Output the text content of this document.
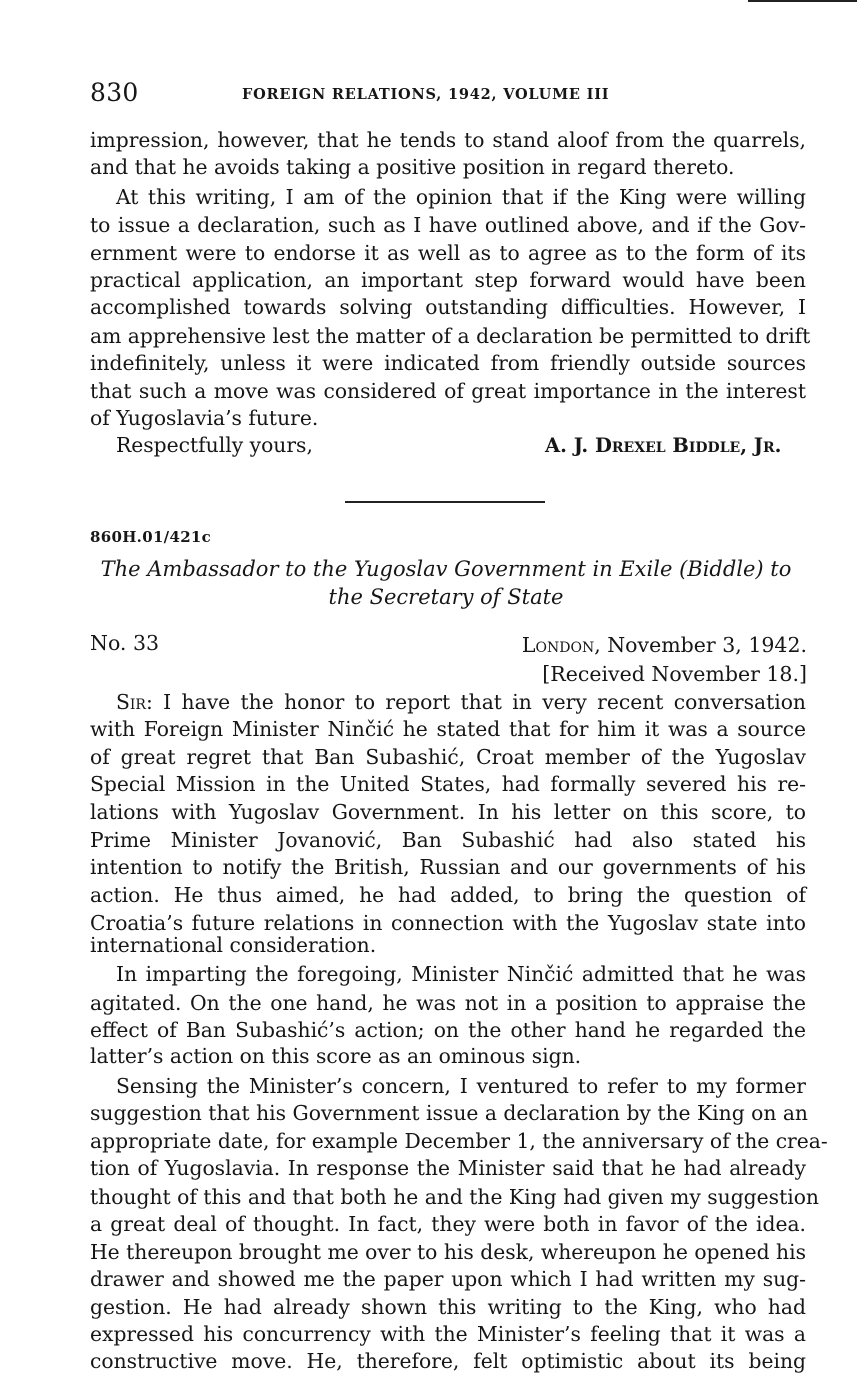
830	FOREIGN RELATIONS, 1942, VOLUME III
impression, however, that he tends to stand aloof from the quarrels,
and that he avoids taking a positive position in regard thereto.
At this writing, I am of the opinion that if the King were willing
to issue a declaration, such as I have outlined above, and if the Gov-
ernment were to endorse it as well as to agree as to the form of its
practical application, an important step forward would have been
accomplished towards solving outstanding difficulties. However, I
am apprehensive lest the matter of a declaration be permitted to drift
indefinitely, unless it were indicated from friendly outside sources
that such a move was considered of great importance in the interest
of Yugoslavia’s future.
Respectfully yours,	A. J. Drexel Biddle, Jr.
860H.01/421c
The Ambassador to the Yugoslav Government in Exile (Biddle) to
the Secretary of State
No. 33	London, November 3, 1942.
[Received November 18.]
Sir: I have the honor to report that in very recent conversation
with Foreign Minister Ninčić he stated that for him it was a source
of great regret that Ban Subashić, Croat member of the Yugoslav
Special Mission in the United States, had formally severed his re-
lations with Yugoslav Government. In his letter on this score, to
Prime Minister Jovanović, Ban Subashić had also stated his
intention to notify the British, Russian and our governments of his
action. He thus aimed, he had added, to bring the question of
Croatia’s future relations in connection with the Yugoslav state into
international consideration.
In imparting the foregoing, Minister Ninčić admitted that he was
agitated. On the one hand, he was not in a position to appraise the
effect of Ban Subashić’s action; on the other hand he regarded the
latter’s action on this score as an ominous sign.
Sensing the Minister’s concern, I ventured to refer to my former
suggestion that his Government issue a declaration by the King on an
appropriate date, for example December 1, the anniversary of the crea-
tion of Yugoslavia. In response the Minister said that he had already
thought of this and that both he and the King had given my suggestion
a great deal of thought. In fact, they were both in favor of the idea.
He thereupon brought me over to his desk, whereupon he opened his
drawer and showed me the paper upon which I had written my sug-
gestion. He had already shown this writing to the King, who had
expressed his concurrency with the Minister’s feeling that it was a
constructive move. He, therefore, felt optimistic about its being
